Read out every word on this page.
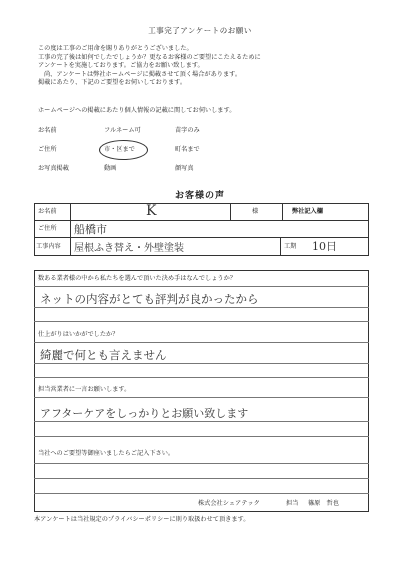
工事完了アンケートのお願い

この度は工事のご用命を賜りありがとうございました。

工事の完了後は如何でしたでしょうか？更なるお客様のご要望にこたえるために

アンケートを実施しております。ご協力をお願い致します。

尚、アンケートは弊社ホームページに掲載させて頂く場合があります。

掲載にあたり、下記のご要望をお伺いしております。

ホームページへの掲載にあたり個人情報の記載に関してお伺いします。
お名前	フルネーム可	苗字のみ
ご住所	市・区まで	町名まで
お写真掲載	動画	顔写真
お客様の声
お名前	K	様	弊社記入欄
ご住所 船橋市
工事内容 屋根ふき替え・外壁塗装	工期 10日
数ある業者様の中から私たちを選んで頂いた決め手はなんでしょうか？
ネットの内容がとても評判が良かったから
仕上がりはいかがでしたか？
綺麗で何とも言えません
担当営業者に一言お願いします。
アフターケアをしっかりとお願い致します
当社へのご要望等御座いましたらご記入下さい。
株式会社シェアテック	担当 篠原　哲也
本アンケートは当社規定のプライバシーポリシーに則り取扱わせて頂きます。
